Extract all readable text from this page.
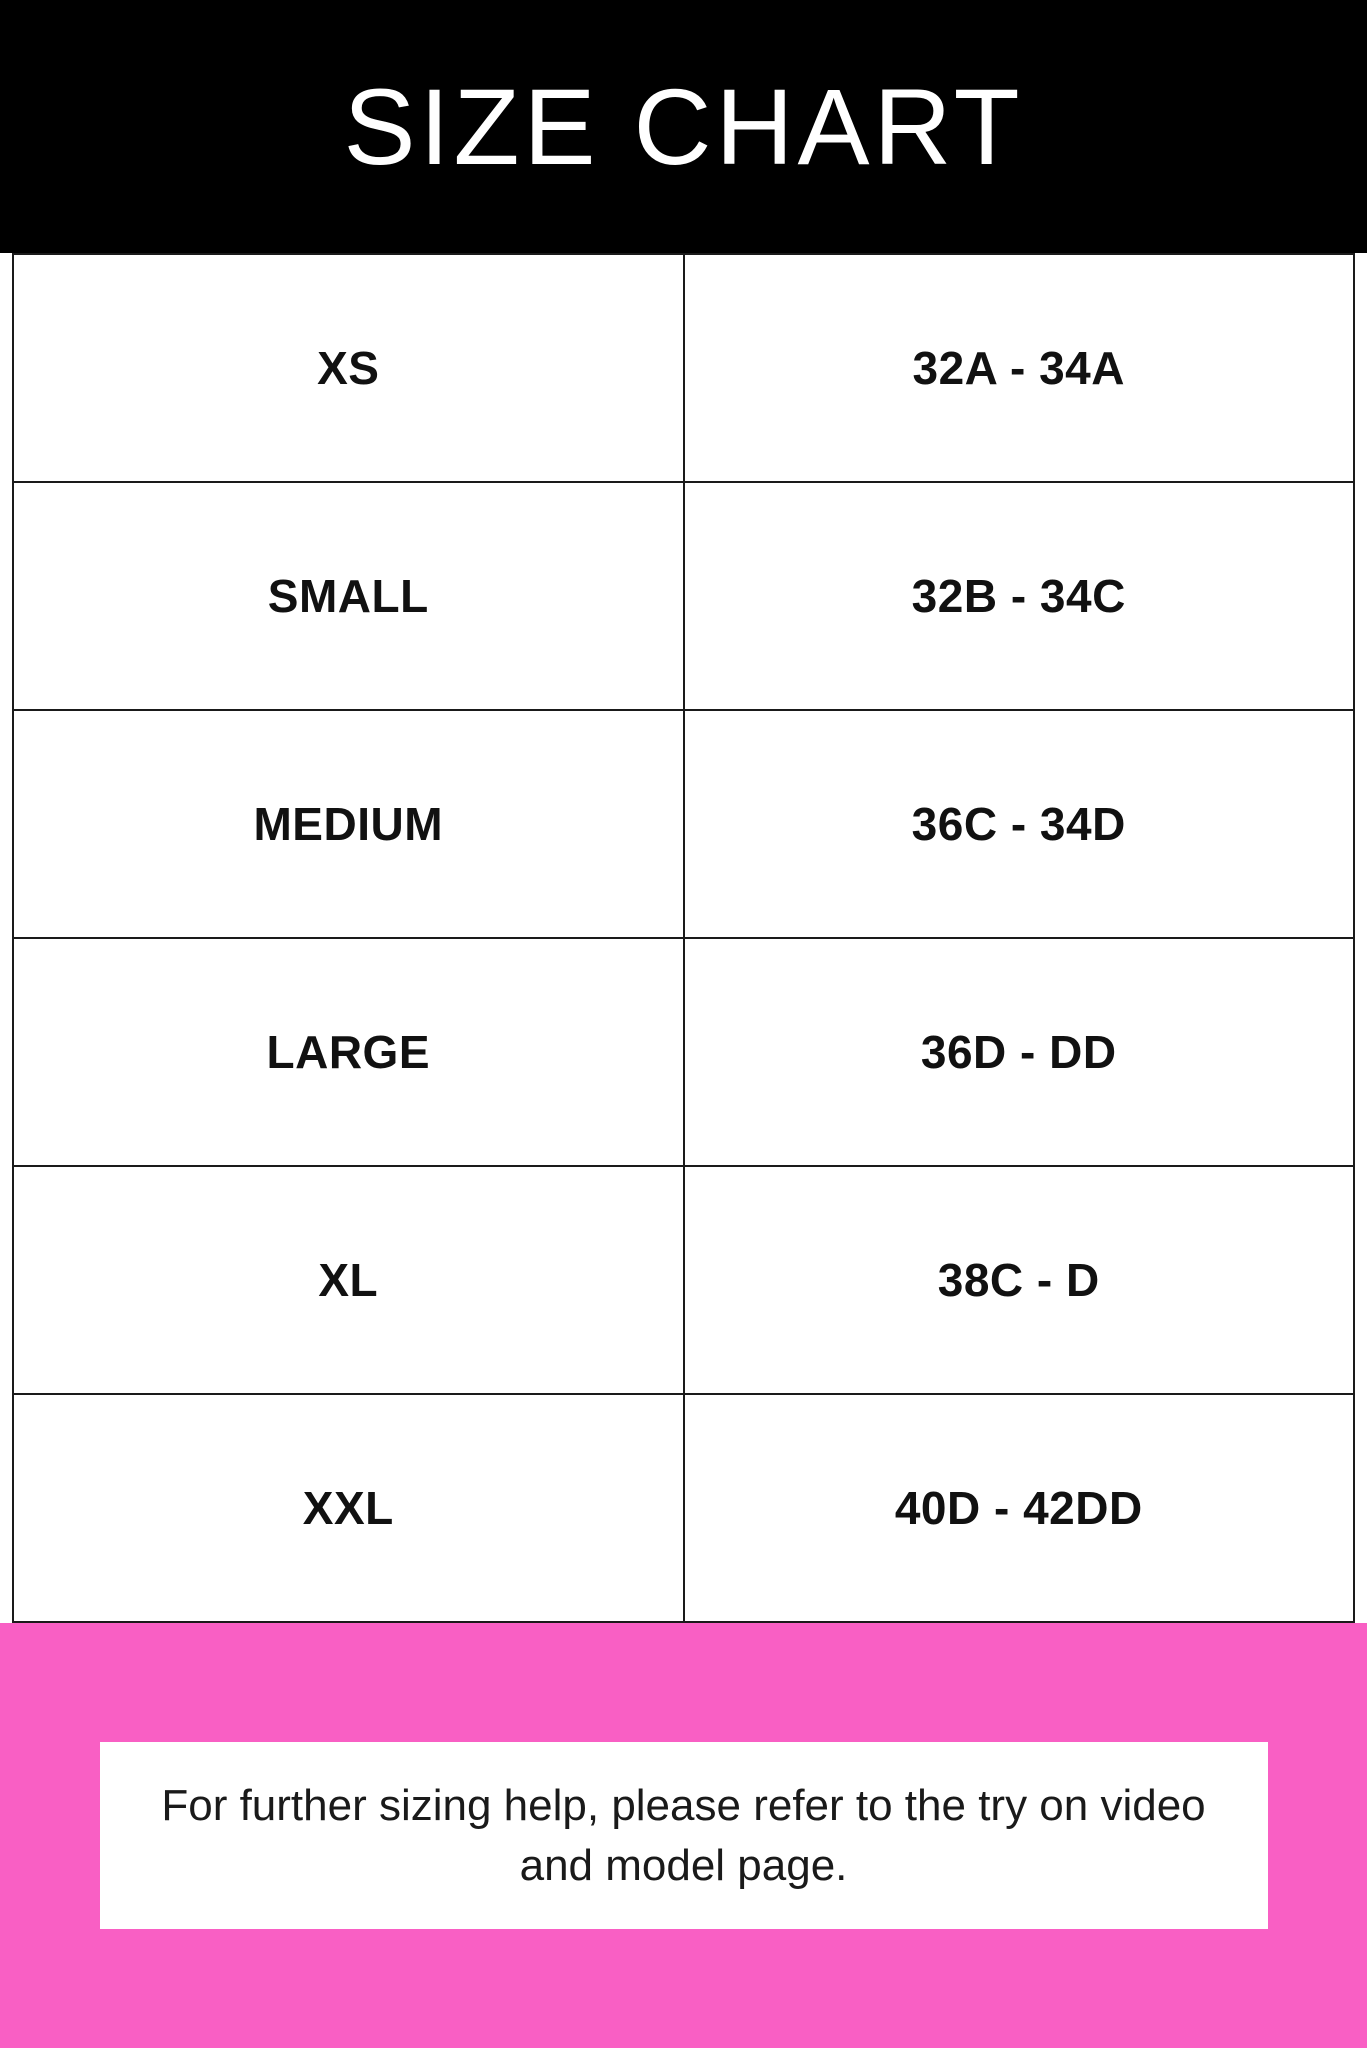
SIZE CHART
XS	32A - 34A
SMALL	32B - 34C
MEDIUM	36C - 34D
LARGE	36D - DD
XL	38C - D
XXL	40D - 42DD
For further sizing help, please refer to the try on video and model page.
